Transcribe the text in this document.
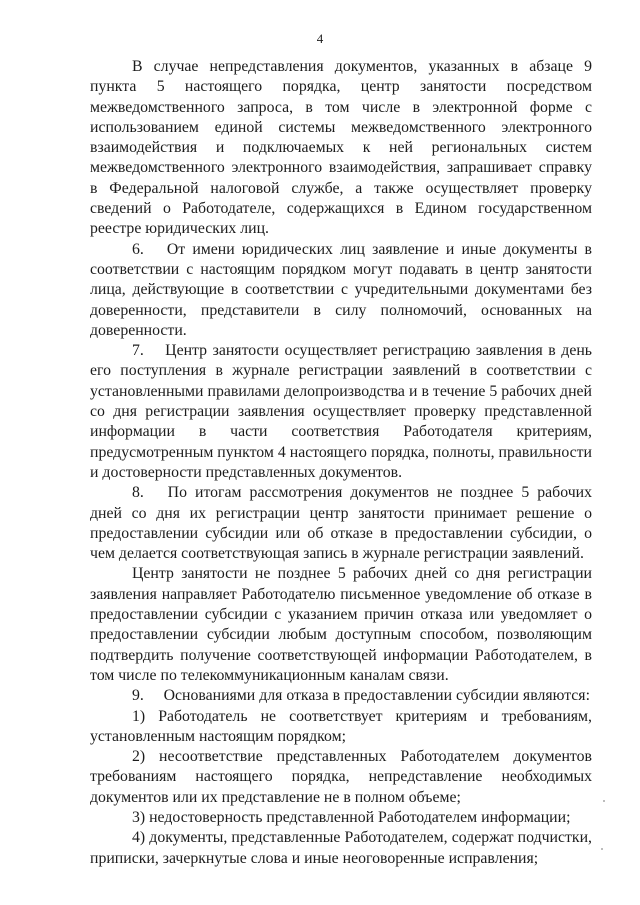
4

В случае непредставления документов, указанных в абзаце 9 пункта 5 настоящего порядка, центр занятости посредством межведомственного запроса, в том числе в электронной форме с использованием единой системы межведомственного электронного взаимодействия и подключаемых к ней региональных систем межведомственного электронного взаимодействия, запрашивает справку в Федеральной налоговой службе, а также осуществляет проверку сведений о Работодателе, содержащихся в Едином государственном реестре юридических лиц.

6.  От имени юридических лиц заявление и иные документы в соответствии с настоящим порядком могут подавать в центр занятости лица, действующие в соответствии с учредительными документами без доверенности, представители в силу полномочий, основанных на доверенности.

7.  Центр занятости осуществляет регистрацию заявления в день его поступления в журнале регистрации заявлений в соответствии с установленными правилами делопроизводства и в течение 5 рабочих дней со дня регистрации заявления осуществляет проверку представленной информации в части соответствия Работодателя критериям, предусмотренным пунктом 4 настоящего порядка, полноты, правильности и достоверности представленных документов.

8.  По итогам рассмотрения документов не позднее 5 рабочих дней со дня их регистрации центр занятости принимает решение о предоставлении субсидии или об отказе в предоставлении субсидии, о чем делается соответствующая запись в журнале регистрации заявлений.

Центр занятости не позднее 5 рабочих дней со дня регистрации заявления направляет Работодателю письменное уведомление об отказе в предоставлении субсидии с указанием причин отказа или уведомляет о предоставлении субсидии любым доступным способом, позволяющим подтвердить получение соответствующей информации Работодателем, в том числе по телекоммуникационным каналам связи.

9.  Основаниями для отказа в предоставлении субсидии являются:

1) Работодатель не соответствует критериям и требованиям, установленным настоящим порядком;

2) несоответствие представленных Работодателем документов требованиям настоящего порядка, непредставление необходимых документов или их представление не в полном объеме;

3) недостоверность представленной Работодателем информации;

4) документы, представленные Работодателем, содержат подчистки, приписки, зачеркнутые слова и иные неоговоренные исправления;
